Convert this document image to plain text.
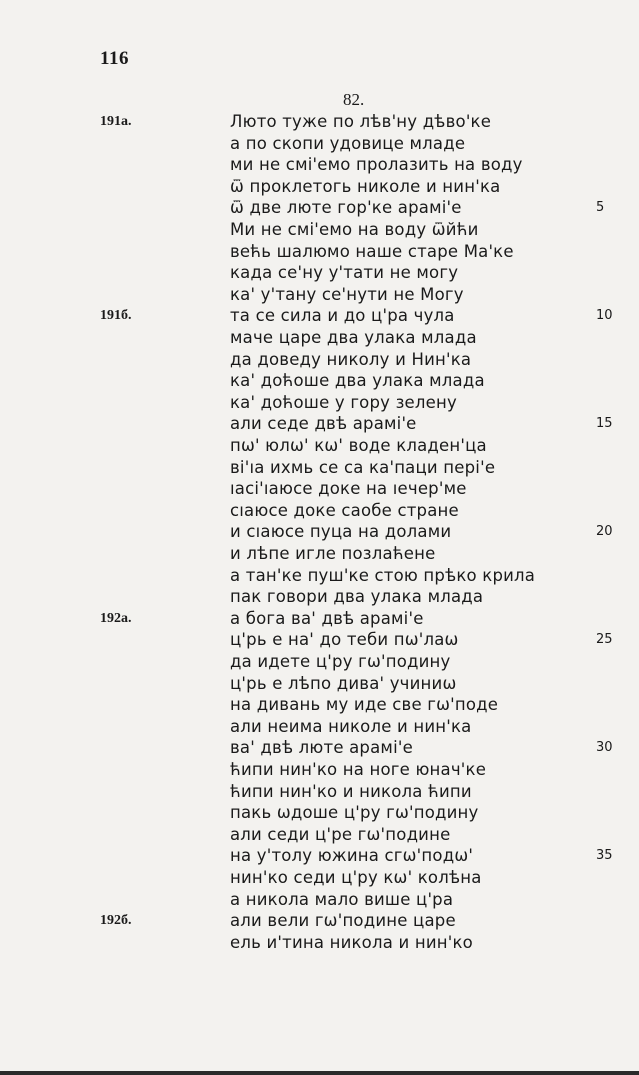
116
82.
191a.	Люто туже по лѣв'ну дѣво'ке
а по скопи удовице младе
ми не смі'емо пролазить на воду
ѿ проклетогь николе и нин'ка
ѿ две люте гор'ке арамі'е	5
Ми не смі'емо на воду ѿйћи
већь шалюмо наше старе Ма'ке
када се'ну у'тати не могу
ка' у'тану се'нути не Могу
191б.	та се сила и до ц'ра чула	10
маче царе два улака млада
да доведу николу и Нин'ка
ка' доћоше два улака млада
ка' доћоше у гору зелену
али седе двѣ арамі'е	15
пѡ' юлѡ' кѡ' воде кладен'ца
ві'ıа ихмь се са ка'паци пері'е
ıасі'ıаюсе доке на ıечер'ме
сıаюсе доке саобе стране
и сıаюсе пуца на долами	20
и лѣпе игле позлаћене
а тан'ке пуш'ке стою прѣко крила
пак говори два улака млада
192a.	а бога ва' двѣ арамі'е
ц'рь е на' до теби пѡ'лаѡ	25
да идете ц'ру гѡ'подину
ц'рь е лѣпо дива' учиниѡ
на дивань му иде све гѡ'поде
али неима николе и нин'ка
ва' двѣ люте арамі'е	30
ћипи нин'ко на ноге юнач'ке
ћипи нин'ко и никола ћипи
пакь ѡдоше ц'ру гѡ'подину
али седи ц'ре гѡ'подине
на у'толу южина сгѡ'подѡ'	35
нин'ко седи ц'ру кѡ' колѣна
а никола мало више ц'ра
192б.	али вели гѡ'подине царе
ель и'тина никола и нин'ко
